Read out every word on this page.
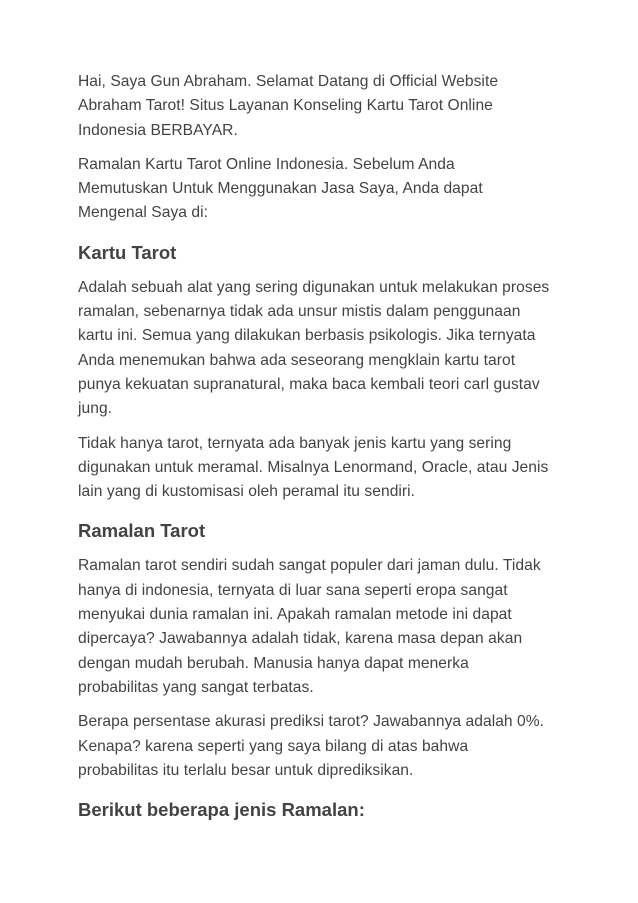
Hai, Saya Gun Abraham. Selamat Datang di Official Website
Abraham Tarot! Situs Layanan Konseling Kartu Tarot Online
Indonesia BERBAYAR.

Ramalan Kartu Tarot Online Indonesia. Sebelum Anda
Memutuskan Untuk Menggunakan Jasa Saya, Anda dapat
Mengenal Saya di:

Kartu Tarot

Adalah sebuah alat yang sering digunakan untuk melakukan proses
ramalan, sebenarnya tidak ada unsur mistis dalam penggunaan
kartu ini. Semua yang dilakukan berbasis psikologis. Jika ternyata
Anda menemukan bahwa ada seseorang mengklain kartu tarot
punya kekuatan supranatural, maka baca kembali teori carl gustav
jung.

Tidak hanya tarot, ternyata ada banyak jenis kartu yang sering
digunakan untuk meramal. Misalnya Lenormand, Oracle, atau Jenis
lain yang di kustomisasi oleh peramal itu sendiri.

Ramalan Tarot

Ramalan tarot sendiri sudah sangat populer dari jaman dulu. Tidak
hanya di indonesia, ternyata di luar sana seperti eropa sangat
menyukai dunia ramalan ini. Apakah ramalan metode ini dapat
dipercaya? Jawabannya adalah tidak, karena masa depan akan
dengan mudah berubah. Manusia hanya dapat menerka
probabilitas yang sangat terbatas.

Berapa persentase akurasi prediksi tarot? Jawabannya adalah 0%.
Kenapa? karena seperti yang saya bilang di atas bahwa
probabilitas itu terlalu besar untuk diprediksikan.

Berikut beberapa jenis Ramalan:
